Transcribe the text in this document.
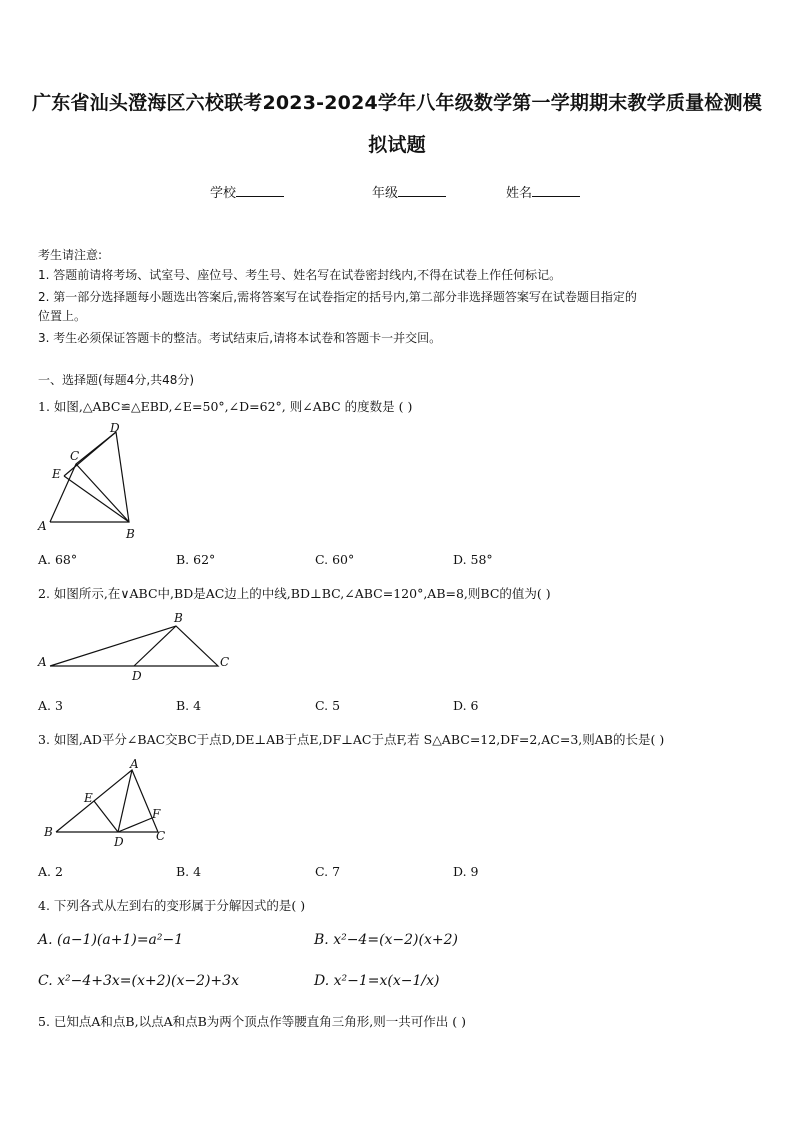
广东省汕头澄海区六校联考2023-2024学年八年级数学第一学期期末教学质量检测模
拟试题
学校	年级	姓名
考生请注意:
1. 答题前请将考场、试室号、座位号、考生号、姓名写在试卷密封线内,不得在试卷上作任何标记。
2. 第一部分选择题每小题选出答案后,需将答案写在试卷指定的括号内,第二部分非选择题答案写在试卷题目指定的
位置上。
3. 考生必须保证答题卡的整洁。考试结束后,请将本试卷和答题卡一并交回。
一、选择题(每题4分,共48分)
1. 如图,△ABC≌△EBD,∠E=50°,∠D=62°, 则∠ABC 的度数是 ( )
D
C
E
A
B
A. 68°	B. 62°	C. 60°	D. 58°
2. 如图所示,在∨ABC中,BD是AC边上的中线,BD⊥BC,∠ABC=120°,AB=8,则BC的值为( )
A
B
C
D
A. 3	B. 4	C. 5	D. 6
3. 如图,AD平分∠BAC交BC于点D,DE⊥AB于点E,DF⊥AC于点F,若 S△ABC=12,DF=2,AC=3,则AB的长是( )
A
E
B
D
F
C
A. 2	B. 4	C. 7	D. 9
4. 下列各式从左到右的变形属于分解因式的是( )
A. (a−1)(a+1)=a²−1	B. x²−4=(x−2)(x+2)
C. x²−4+3x=(x+2)(x−2)+3x	D. x²−1=x(x−1/x)
5. 已知点A和点B,以点A和点B为两个顶点作等腰直角三角形,则一共可作出 ( )
